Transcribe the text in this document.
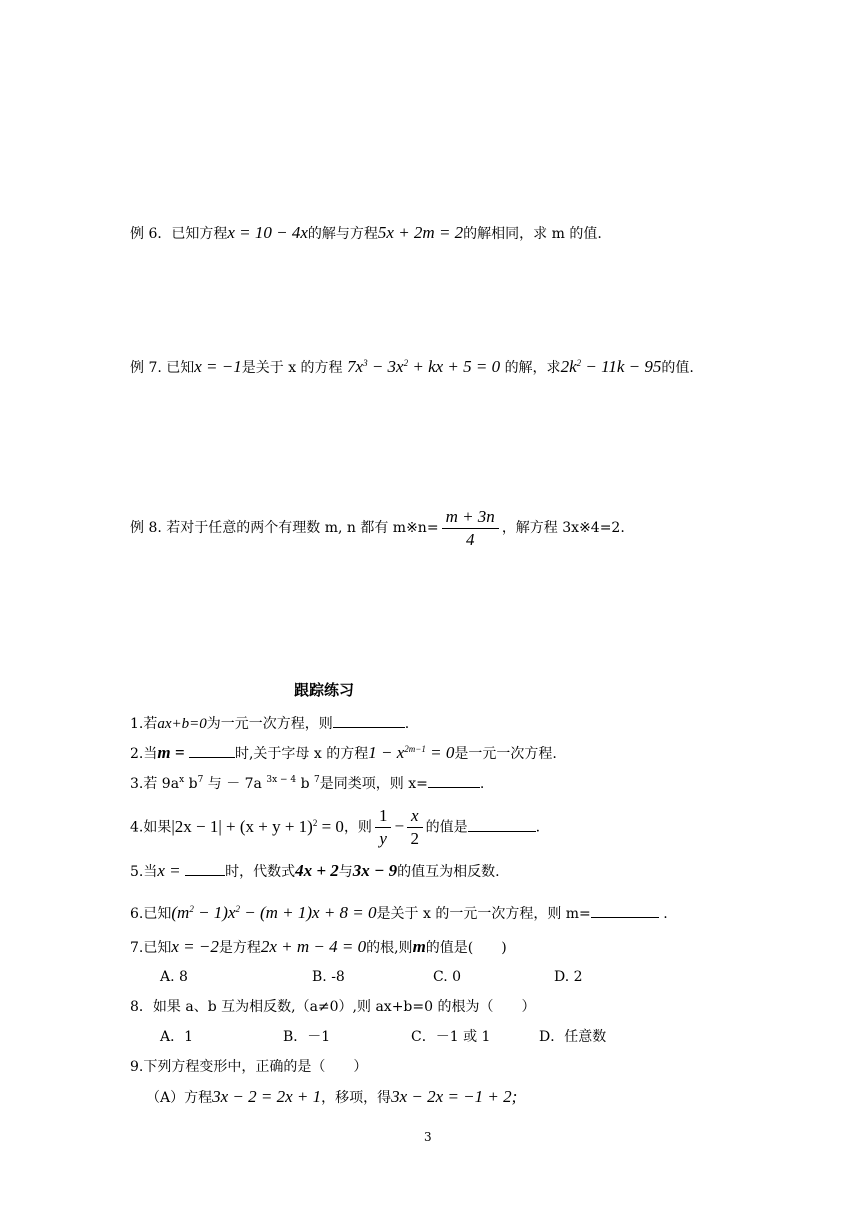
例 6．已知方程x = 10 − 4x的解与方程5x + 2m = 2的解相同，求 m 的值.
例 7. 已知x = −1是关于 x 的方程 $7x^3 - 3x^2$ + kx + 5 = 0 的解，求$2k^2 - 11k - 95$的值.
例 8. 若对于任意的两个有理数 m, n 都有 m※n= $\frac{m + 3n}{4}$ ，解方程 3x※4=2.
跟踪练习
1.若ax+b=0为一元一次方程，则	.
2.当m =	时,关于字母 x 的方程$1 - x^{2m-1} = 0$是一元一次方程.
3.若 $9a^x$ $b^7$ 与 － 7a $^{3x - 4}$ b $^7$是同类项，则 x=	.
4.如果$|2x - 1| + (x + y + 1)^2 = 0$，则 $\frac{1}{y} - \frac{x}{2}$ 的值是	.
5.当x =	时，代数式4x + 2与3x − 9的值互为相反数.
6.已知$(m^2 - 1)x^2 - (m + 1)x + 8 = 0$是关于 x 的一元一次方程，则 m=	.
7.已知x = −2是方程2x + m − 4 = 0的根,则m的值是(　　)
A. 8	B. -8	C. 0	D. 2
8．如果 a、b 互为相反数,（a≠0）,则 ax+b=0 的根为（　　）
A．1	B．－1	C．－1 或 1	D．任意数
9.下列方程变形中，正确的是（　　）
（A）方程3x − 2 = 2x + 1，移项，得3x − 2x = −1 + 2;
3
